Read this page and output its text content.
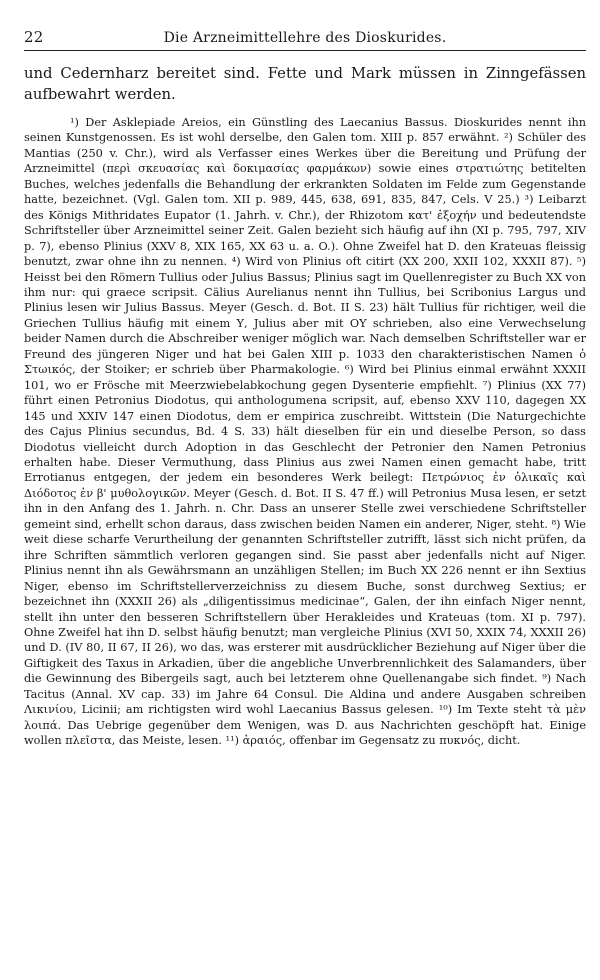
22	Die Arzneimittellehre des Dioskurides.

und Cedernharz bereitet sind. Fette und Mark müssen in Zinngefässen aufbewahrt werden.

¹) Der Asklepiade Areios, ein Günstling des Laecanius Bassus. Dioskurides nennt ihn seinen Kunstgenossen. Es ist wohl derselbe, den Galen tom. XIII p. 857 erwähnt. ²) Schüler des Mantias (250 v. Chr.), wird als Verfasser eines Werkes über die Bereitung und Prüfung der Arzneimittel (περὶ σκευασίας καὶ δοκιμασίας φαρμάκων) sowie eines στρατιώτης betitelten Buches, welches jedenfalls die Behandlung der erkrankten Soldaten im Felde zum Gegenstande hatte, bezeichnet. (Vgl. Galen tom. XII p. 989, 445, 638, 691, 835, 847, Cels. V 25.) ³) Leibarzt des Königs Mithridates Eupator (1. Jahrh. v. Chr.), der Rhizotom κατ' ἐξοχήν und bedeutendste Schriftsteller über Arzneimittel seiner Zeit. Galen bezieht sich häufig auf ihn (XI p. 795, 797, XIV p. 7), ebenso Plinius (XXV 8, XIX 165, XX 63 u. a. O.). Ohne Zweifel hat D. den Krateuas fleissig benutzt, zwar ohne ihn zu nennen. ⁴) Wird von Plinius oft citirt (XX 200, XXII 102, XXXII 87). ⁵) Heisst bei den Römern Tullius oder Julius Bassus; Plinius sagt im Quellenregister zu Buch XX von ihm nur: qui graece scripsit. Cälius Aurelianus nennt ihn Tullius, bei Scribonius Largus und Plinius lesen wir Julius Bassus. Meyer (Gesch. d. Bot. II S. 23) hält Tullius für richtiger, weil die Griechen Tullius häufig mit einem Υ, Julius aber mit ΟΥ schrieben, also eine Verwechselung beider Namen durch die Abschreiber weniger möglich war. Nach demselben Schriftsteller war er Freund des jüngeren Niger und hat bei Galen XIII p. 1033 den charakteristischen Namen ὁ Στωικός, der Stoiker; er schrieb über Pharmakologie. ⁶) Wird bei Plinius einmal erwähnt XXXII 101, wo er Frösche mit Meerzwiebelabkochung gegen Dysenterie empfiehlt. ⁷) Plinius (XX 77) führt einen Petronius Diodotus, qui anthologumena scripsit, auf, ebenso XXV 110, dagegen XX 145 und XXIV 147 einen Diodotus, dem er empirica zuschreibt. Wittstein (Die Naturgechichte des Cajus Plinius secundus, Bd. 4 S. 33) hält dieselben für ein und dieselbe Person, so dass Diodotus vielleicht durch Adoption in das Geschlecht der Petronier den Namen Petronius erhalten habe. Dieser Vermuthung, dass Plinius aus zwei Namen einen gemacht habe, tritt Errotianus entgegen, der jedem ein besonderes Werk beilegt: Πετρώνιος ἐν ὁλικαῖς καὶ Διόδοτος ἐν β' μυθολογικῶν. Meyer (Gesch. d. Bot. II S. 47 ff.) will Petronius Musa lesen, er setzt ihn in den Anfang des 1. Jahrh. n. Chr. Dass an unserer Stelle zwei verschiedene Schriftsteller gemeint sind, erhellt schon daraus, dass zwischen beiden Namen ein anderer, Niger, steht. ⁸) Wie weit diese scharfe Verurtheilung der genannten Schriftsteller zutrifft, lässt sich nicht prüfen, da ihre Schriften sämmtlich verloren gegangen sind. Sie passt aber jedenfalls nicht auf Niger. Plinius nennt ihn als Gewährsmann an unzähligen Stellen; im Buch XX 226 nennt er ihn Sextius Niger, ebenso im Schriftstellerverzeichniss zu diesem Buche, sonst durchweg Sextius; er bezeichnet ihn (XXXII 26) als „diligentissimus medicinae“, Galen, der ihn einfach Niger nennt, stellt ihn unter den besseren Schriftstellern über Herakleides und Krateuas (tom. XI p. 797). Ohne Zweifel hat ihn D. selbst häufig benutzt; man vergleiche Plinius (XVI 50, XXIX 74, XXXII 26) und D. (IV 80, II 67, II 26), wo das, was ersterer mit ausdrücklicher Beziehung auf Niger über die Giftigkeit des Taxus in Arkadien, über die angebliche Unverbrennlichkeit des Salamanders, über die Gewinnung des Bibergeils sagt, auch bei letzterem ohne Quellenangabe sich findet. ⁹) Nach Tacitus (Annal. XV cap. 33) im Jahre 64 Consul. Die Aldina und andere Ausgaben schreiben Λικινίου, Licinii; am richtigsten wird wohl Laecanius Bassus gelesen. ¹⁰) Im Texte steht τὰ μὲν λοιπά. Das Uebrige gegenüber dem Wenigen, was D. aus Nachrichten geschöpft hat. Einige wollen πλεῖστα, das Meiste, lesen. ¹¹) ἀραιός, offenbar im Gegensatz zu πυκνός, dicht.
